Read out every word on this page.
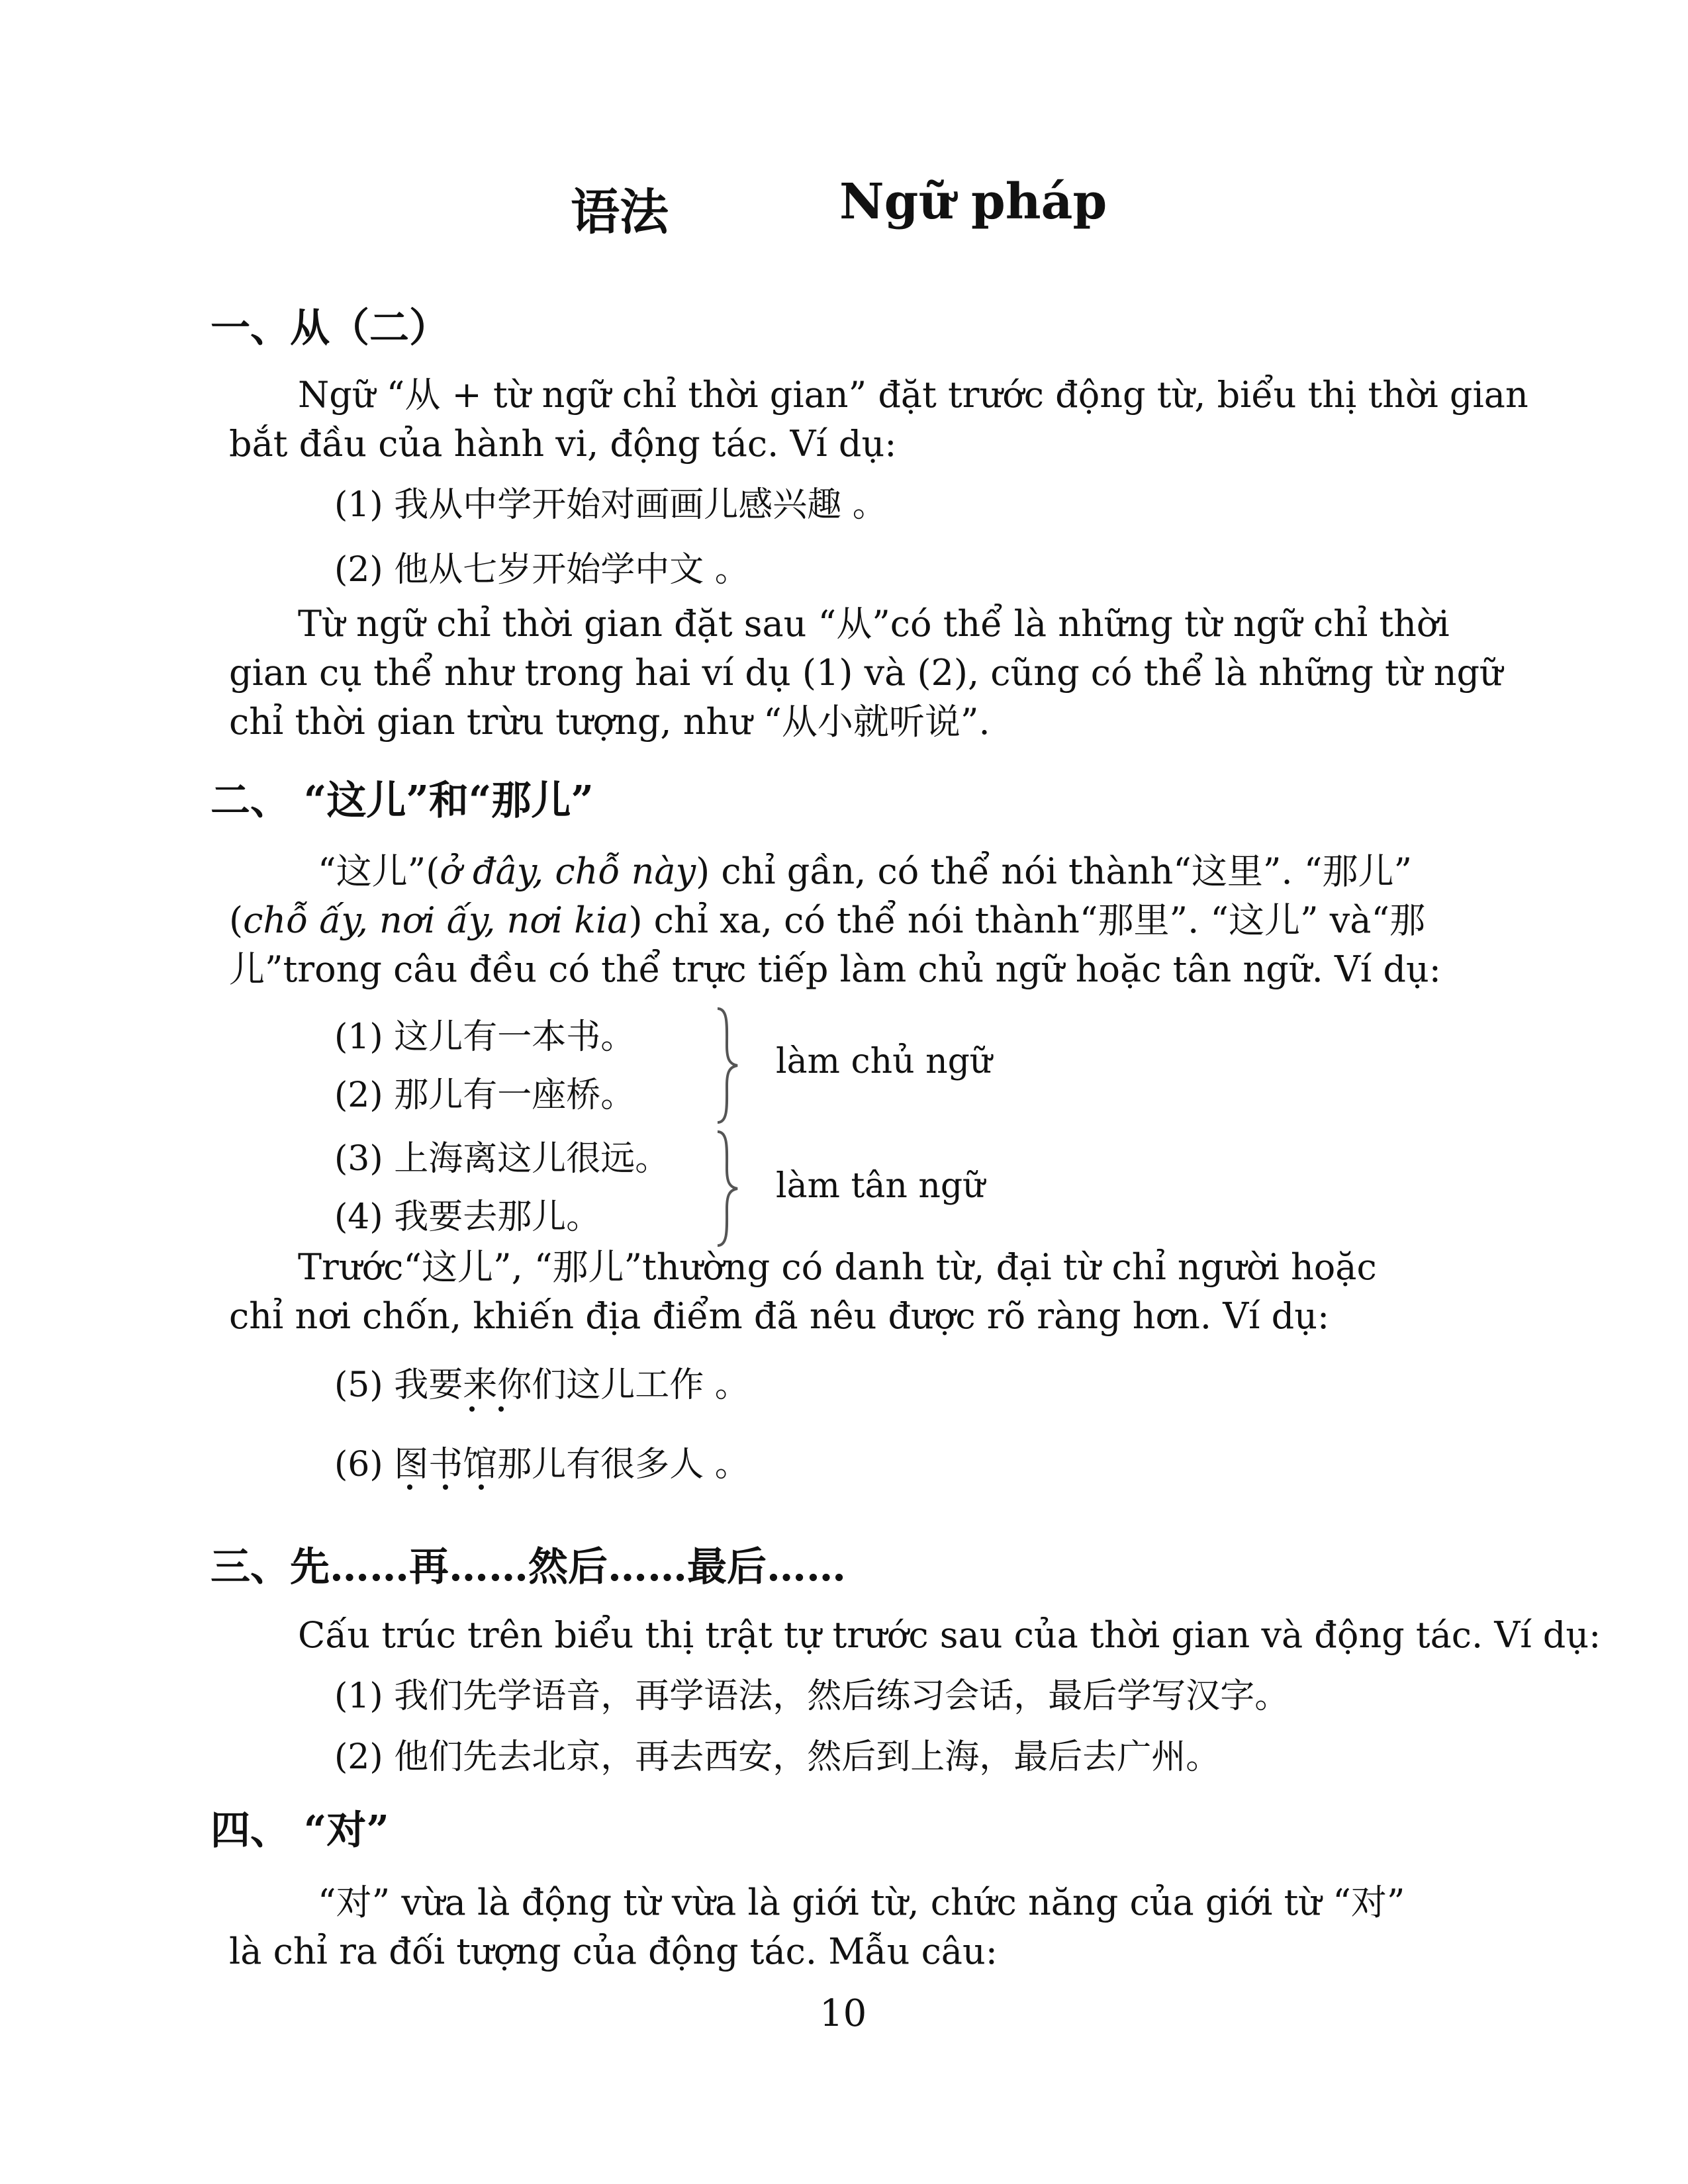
语法	Ngữ pháp
一、从（二）
Ngữ “从 + từ ngữ chỉ thời gian” đặt trước động từ, biểu thị thời gian
bắt đầu của hành vi, động tác. Ví dụ:
(1) 我从中学开始对画画儿感兴趣 。
(2) 他从七岁开始学中文 。
Từ ngữ chỉ thời gian đặt sau “从”có thể là những từ ngữ chỉ thời
gian cụ thể như trong hai ví dụ (1) và (2), cũng có thể là những từ ngữ
chỉ thời gian trừu tượng, như “从小就听说”.
二、 “这儿”和“那儿”
“这儿”(ở đây, chỗ này) chỉ gần, có thể nói thành“这里”. “那儿”
(chỗ ấy, nơi ấy, nơi kia) chỉ xa, có thể nói thành“那里”. “这儿” và“那
儿”trong câu đều có thể trực tiếp làm chủ ngữ hoặc tân ngữ. Ví dụ:
(1) 这儿有一本书。
(2) 那儿有一座桥。
(3) 上海离这儿很远。
(4) 我要去那儿。
làm chủ ngữ
làm tân ngữ
Trước“这儿”, “那儿”thường có danh từ, đại từ chỉ người hoặc
chỉ nơi chốn, khiến địa điểm đã nêu được rõ ràng hơn. Ví dụ:
(5) 我要来你们这儿工作 。
(6) 图书馆那儿有很多人 。
三、先……再……然后……最后……
Cấu trúc trên biểu thị trật tự trước sau của thời gian và động tác. Ví dụ:
(1) 我们先学语音，再学语法，然后练习会话，最后学写汉字。
(2) 他们先去北京，再去西安，然后到上海，最后去广州。
四、 “对”
“对” vừa là động từ vừa là giới từ, chức năng của giới từ “对”
là chỉ ra đối tượng của động tác. Mẫu câu:
10
